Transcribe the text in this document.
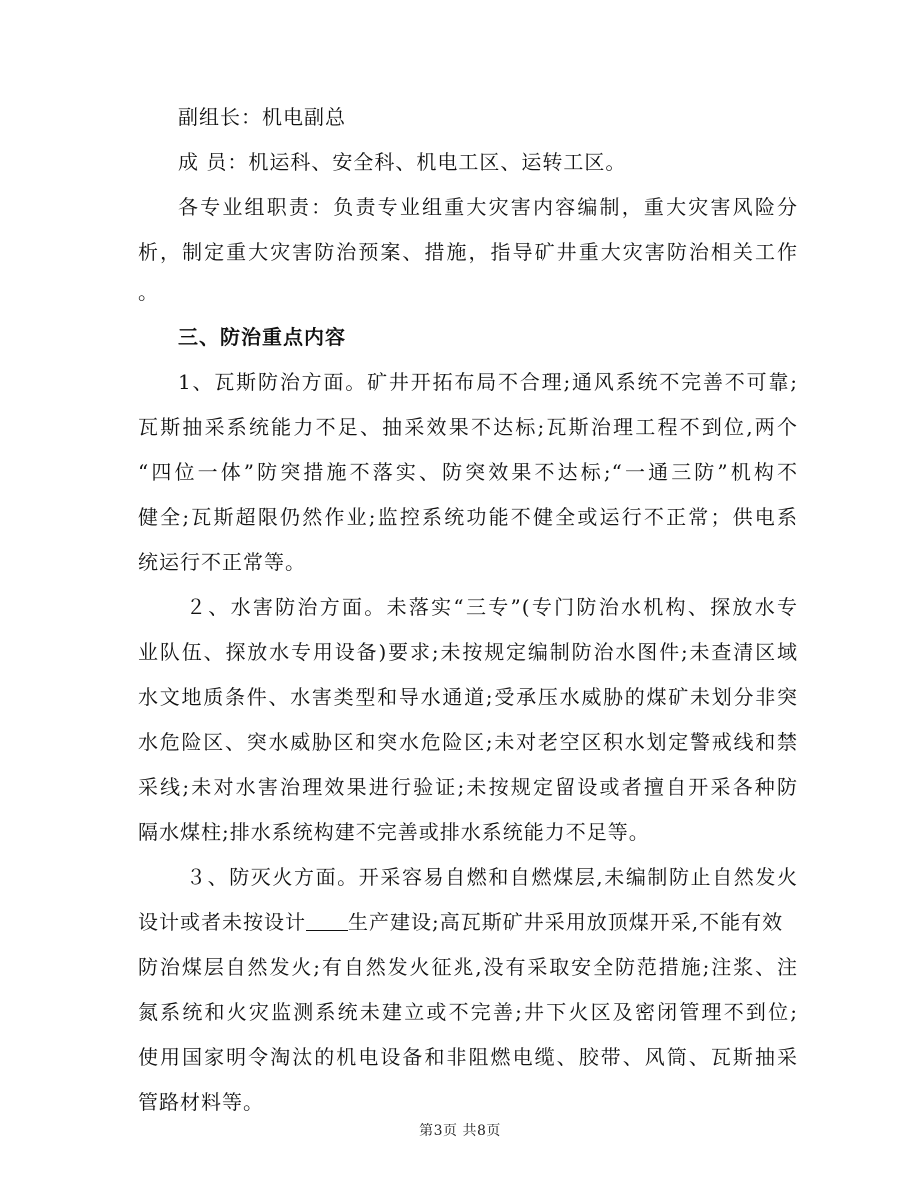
副组长：机电副总
成 员：机运科、安全科、机电工区、运转工区。
各专业组职责：负责专业组重大灾害内容编制，重大灾害风险分
析，制定重大灾害防治预案、措施，指导矿井重大灾害防治相关工作
。
三、防治重点内容
1、瓦斯防治方面。矿井开拓布局不合理;通风系统不完善不可靠;
瓦斯抽采系统能力不足、抽采效果不达标;瓦斯治理工程不到位,两个
“四位一体”防突措施不落实、防突效果不达标;“一通三防”机构不
健全;瓦斯超限仍然作业;监控系统功能不健全或运行不正常；供电系
统运行不正常等。
２、水害防治方面。未落实“三专”(专门防治水机构、探放水专
业队伍、探放水专用设备)要求;未按规定编制防治水图件;未查清区域
水文地质条件、水害类型和导水通道;受承压水威胁的煤矿未划分非突
水危险区、突水威胁区和突水危险区;未对老空区积水划定警戒线和禁
采线;未对水害治理效果进行验证;未按规定留设或者擅自开采各种防
隔水煤柱;排水系统构建不完善或排水系统能力不足等。
３、防灭火方面。开采容易自燃和自燃煤层,未编制防止自然发火
设计或者未按设计 生产建设;高瓦斯矿井采用放顶煤开采,不能有效
防治煤层自然发火;有自然发火征兆,没有采取安全防范措施;注浆、注
氮系统和火灾监测系统未建立或不完善;井下火区及密闭管理不到位;
使用国家明令淘汰的机电设备和非阻燃电缆、胶带、风筒、瓦斯抽采
管路材料等。
第3页 共8页
